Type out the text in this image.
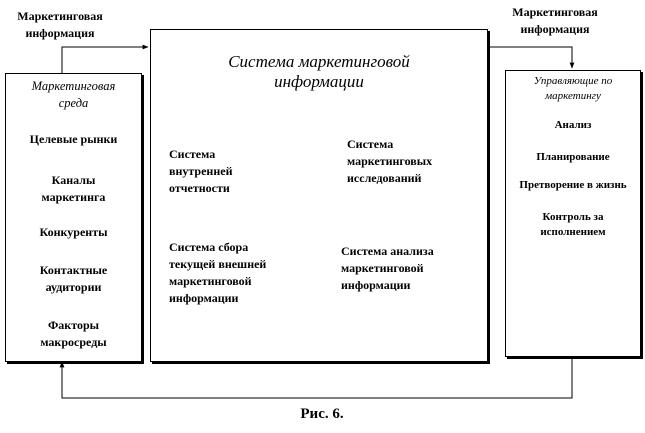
Маркетинговая
информация
Маркетинговая
информация
Маркетинговая
среда
Целевые рынки
Каналы
маркетинга
Конкуренты
Контактные
аудитории
Факторы
макросреды
Система маркетинговой
информации
Система
внутренней
отчетности
Система
маркетинговых
исследований
Система сбора
текущей внешней
маркетинговой
информации
Система анализа
маркетинговой
информации
Управляющие по
маркетингу
Анализ
Планирование
Претворение в жизнь
Контроль за
исполнением
Рис. 6.
